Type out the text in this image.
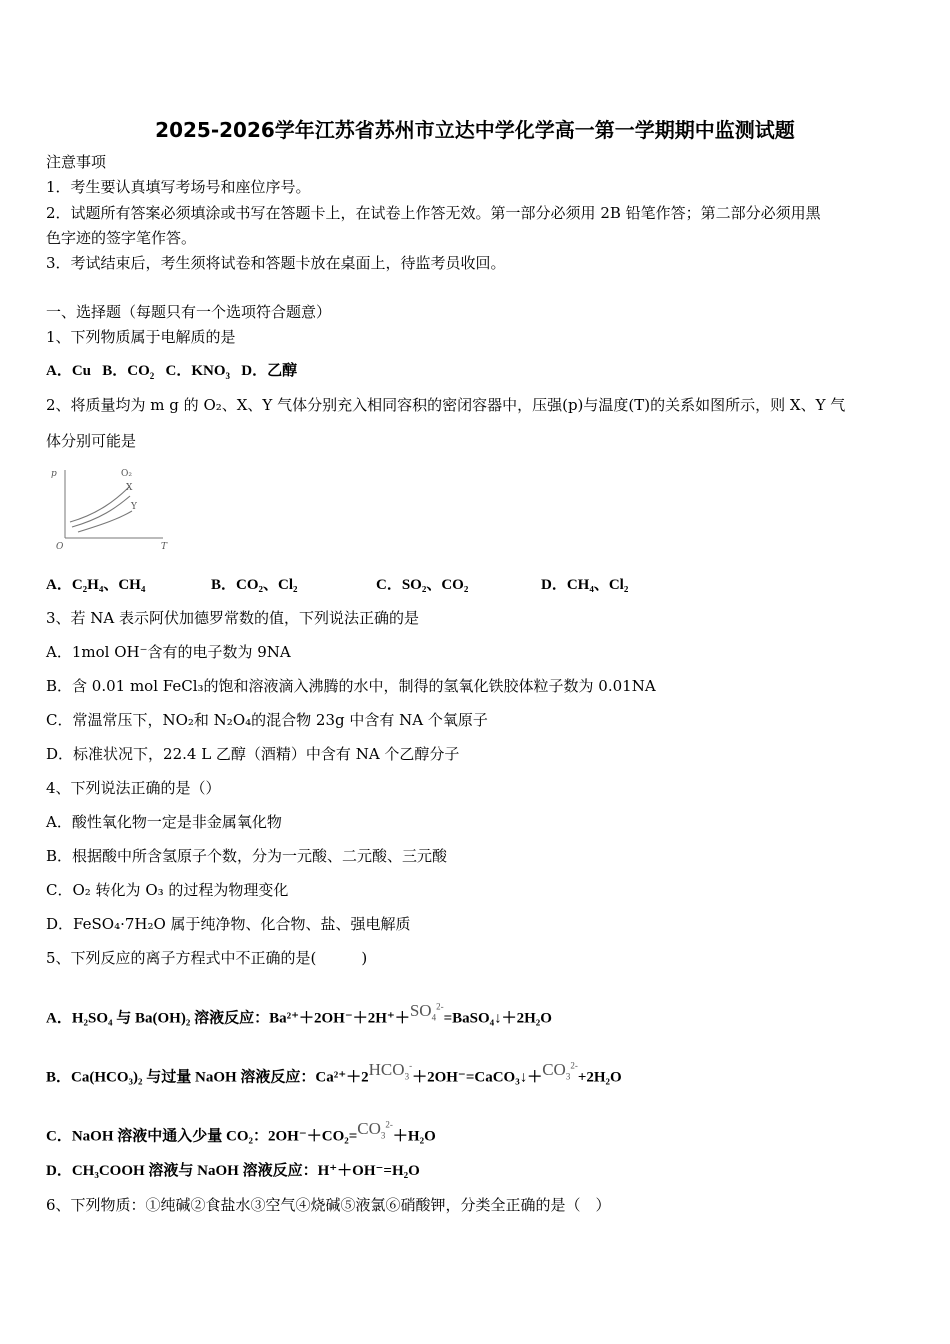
2025-2026学年江苏省苏州市立达中学化学高一第一学期期中监测试题
注意事项
1．考生要认真填写考场号和座位序号。
2．试题所有答案必须填涂或书写在答题卡上，在试卷上作答无效。第一部分必须用 2B 铅笔作答；第二部分必须用黑
色字迹的签字笔作答。
3．考试结束后，考生须将试卷和答题卡放在桌面上，待监考员收回。
一、选择题（每题只有一个选项符合题意）
1、下列物质属于电解质的是
A．Cu B．$CO_2$ C．$KNO_3$ D．乙醇
2、将质量均为 m g 的 O₂、X、Y 气体分别充入相同容积的密闭容器中，压强(p)与温度(T)的关系如图所示，则 X、Y 气
体分别可能是
p
O	T
O₂
X
Y
A．C₂H₄、CH₄	B．CO₂、Cl₂	C．SO₂、CO₂	D．CH₄、Cl₂
3、若 NA 表示阿伏加德罗常数的值，下列说法正确的是
A．1mol OH⁻含有的电子数为 9NA
B．含 0.01 mol FeCl₃的饱和溶液滴入沸腾的水中，制得的氢氧化铁胶体粒子数为 0.01NA
C．常温常压下，NO₂和 N₂O₄的混合物 23g 中含有 NA 个氧原子
D．标准状况下，22.4 L 乙醇（酒精）中含有 NA 个乙醇分子
4、下列说法正确的是（）
A．酸性氧化物一定是非金属氧化物
B．根据酸中所含氢原子个数，分为一元酸、二元酸、三元酸
C．O₂ 转化为 O₃ 的过程为物理变化
D．FeSO₄·7H₂O 属于纯净物、化合物、盐、强电解质
5、下列反应的离子方程式中不正确的是(　　　)
A．H₂SO₄ 与 Ba(OH)₂ 溶液反应：$Ba^{2+}+2OH^-+2H^++SO_4^{2-}=BaSO_4↓+2H_2O$
B．Ca(HCO₃)₂ 与过量 NaOH 溶液反应：$Ca^{2+}+2HCO_3^-+2OH^-=CaCO_3↓+CO_3^{2-}+2H_2O$
C．NaOH 溶液中通入少量 CO₂：$2OH^-+CO_2=CO_3^{2-}+H_2O$
D．CH₃COOH 溶液与 NaOH 溶液反应：H⁺＋OH⁻=H₂O
6、下列物质：①纯碱②食盐水③空气④烧碱⑤液氯⑥硝酸钾，分类全正确的是（　）
